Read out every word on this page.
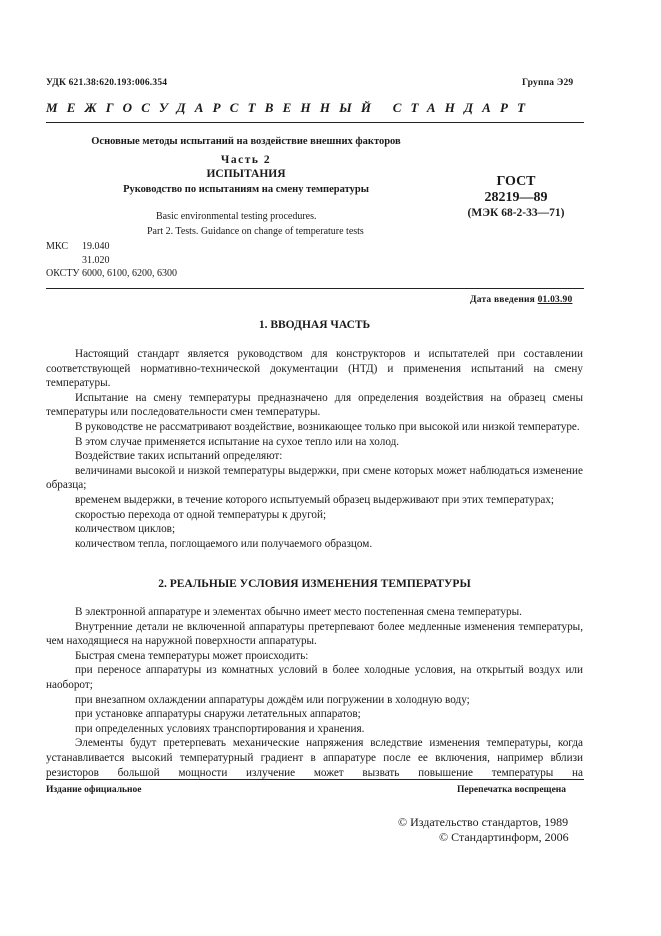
УДК 621.38:620.193:006.354	Группа Э29
МЕЖГОСУДАРСТВЕННЫЙ СТАНДАРТ
Основные методы испытаний на воздействие внешних факторов
Часть 2
ИСПЫТАНИЯ
Руководство по испытаниям на смену температуры
ГОСТ
28219—89
(МЭК 68-2-33—71)
Basic environmental testing procedures.
Part 2. Tests. Guidance on change of temperature tests
МКС 19.040
31.020
ОКСТУ 6000, 6100, 6200, 6300
Дата введения 01.03.90
1. ВВОДНАЯ ЧАСТЬ

Настоящий стандарт является руководством для конструкторов и испытателей при составлении соответствующей нормативно-технической документации (НТД) и применения испытаний на смену температуры.

Испытание на смену температуры предназначено для определения воздействия на образец смены температуры или последовательности смен температуры.

В руководстве не рассматривают воздействие, возникающее только при высокой или низкой температуре.

В этом случае применяется испытание на сухое тепло или на холод.

Воздействие таких испытаний определяют:

величинами высокой и низкой температуры выдержки, при смене которых может наблюдаться изменение образца;

временем выдержки, в течение которого испытуемый образец выдерживают при этих температурах;

скоростью перехода от одной температуры к другой;

количеством циклов;

количеством тепла, поглощаемого или получаемого образцом.

2. РЕАЛЬНЫЕ УСЛОВИЯ ИЗМЕНЕНИЯ ТЕМПЕРАТУРЫ

В электронной аппаратуре и элементах обычно имеет место постепенная смена температуры.

Внутренние детали не включенной аппаратуры претерпевают более медленные изменения температуры, чем находящиеся на наружной поверхности аппаратуры.

Быстрая смена температуры может происходить:

при переносе аппаратуры из комнатных условий в более холодные условия, на открытый воздух или наоборот;

при внезапном охлаждении аппаратуры дождём или погружении в холодную воду;

при установке аппаратуры снаружи летательных аппаратов;

при определенных условиях транспортирования и хранения.

Элементы будут претерпевать механические напряжения вследствие изменения температуры, когда устанавливается высокий температурный градиент в аппаратуре после ее включения, например вблизи резисторов большой мощности излучение может вызвать повышение температуры на

Издание официальное	Перепечатка воспрещена
© Издательство стандартов, 1989
© Стандартинформ, 2006
